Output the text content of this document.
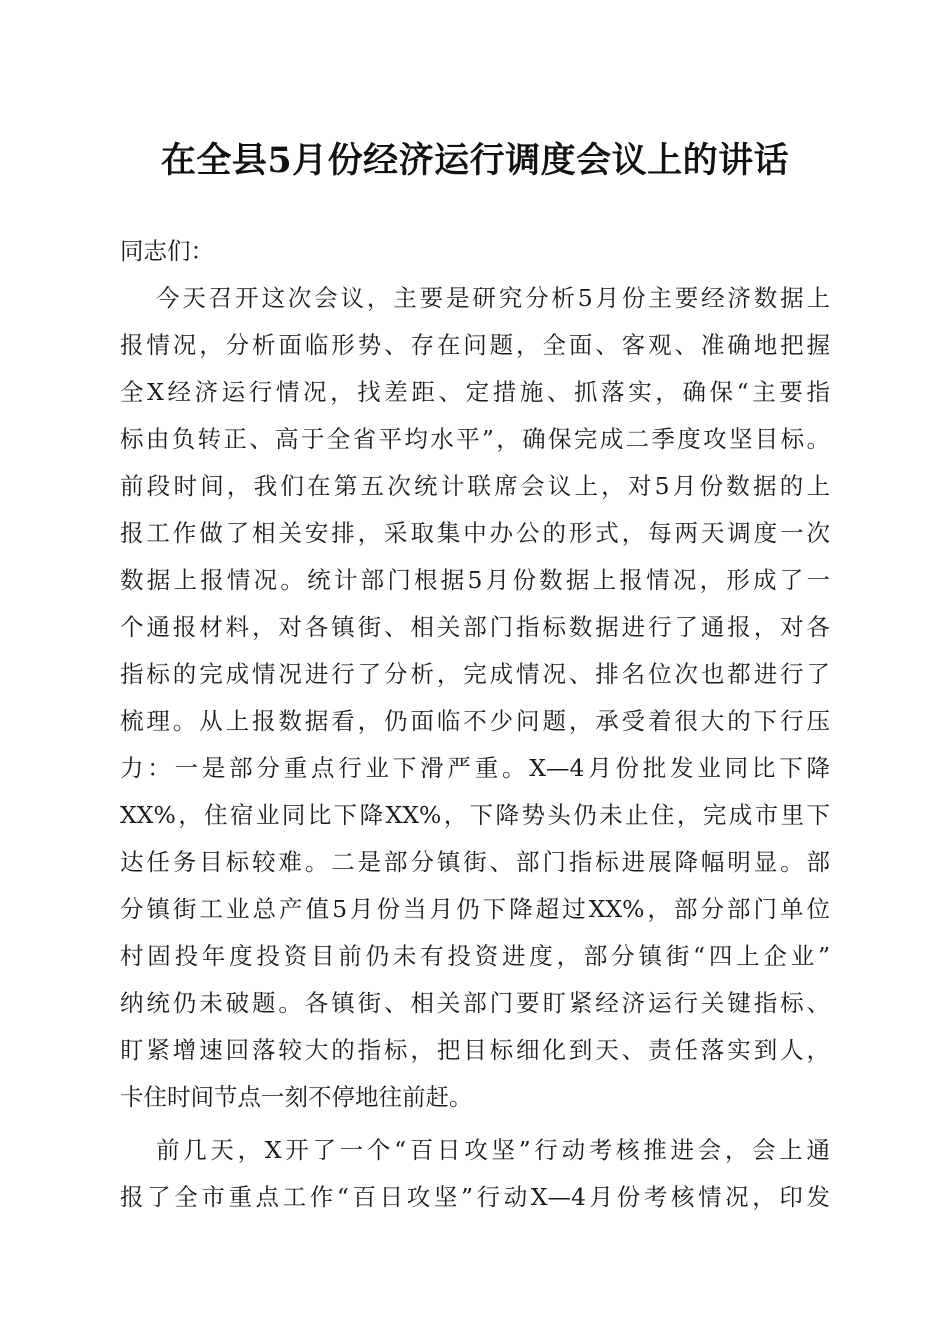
在全县5月份经济运行调度会议上的讲话
同志们：
今天召开这次会议，主要是研究分析5月份主要经济数据上
报情况，分析面临形势、存在问题，全面、客观、准确地把握
全X经济运行情况，找差距、定措施、抓落实，确保“主要指
标由负转正、高于全省平均水平”，确保完成二季度攻坚目标。
前段时间，我们在第五次统计联席会议上，对5月份数据的上
报工作做了相关安排，采取集中办公的形式，每两天调度一次
数据上报情况。统计部门根据5月份数据上报情况，形成了一
个通报材料，对各镇街、相关部门指标数据进行了通报，对各
指标的完成情况进行了分析，完成情况、排名位次也都进行了
梳理。从上报数据看，仍面临不少问题，承受着很大的下行压
力：一是部分重点行业下滑严重。X—4月份批发业同比下降
XX%，住宿业同比下降XX%，下降势头仍未止住，完成市里下
达任务目标较难。二是部分镇街、部门指标进展降幅明显。部
分镇街工业总产值5月份当月仍下降超过XX%，部分部门单位
村固投年度投资目前仍未有投资进度，部分镇街“四上企业”
纳统仍未破题。各镇街、相关部门要盯紧经济运行关键指标、
盯紧增速回落较大的指标，把目标细化到天、责任落实到人，
卡住时间节点一刻不停地往前赶。
前几天，X开了一个“百日攻坚”行动考核推进会，会上通
报了全市重点工作“百日攻坚”行动X—4月份考核情况，印发
